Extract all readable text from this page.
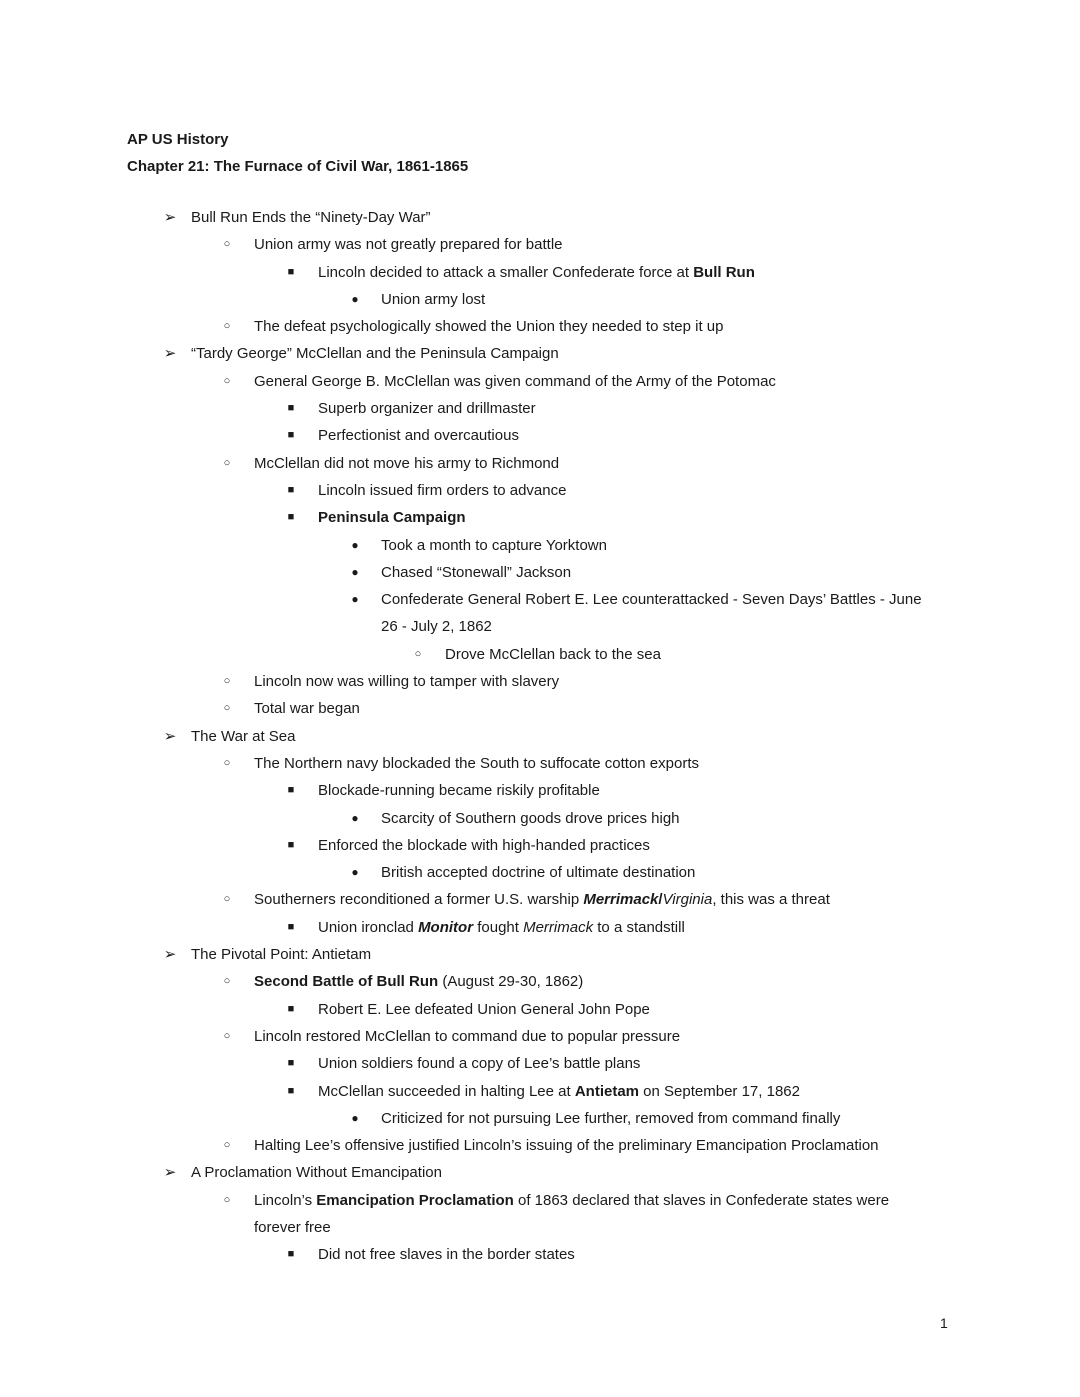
AP US History
Chapter 21: The Furnace of Civil War, 1861-1865
➢ Bull Run Ends the “Ninety-Day War”
○	Union army was not greatly prepared for battle
■	Lincoln decided to attack a smaller Confederate force at Bull Run
●	Union army lost
○	The defeat psychologically showed the Union they needed to step it up
➢ “Tardy George” McClellan and the Peninsula Campaign
○	General George B. McClellan was given command of the Army of the Potomac
■	Superb organizer and drillmaster
■	Perfectionist and overcautious
○	McClellan did not move his army to Richmond
■	Lincoln issued firm orders to advance
■	Peninsula Campaign
●	Took a month to capture Yorktown
●	Chased “Stonewall” Jackson
●	Confederate General Robert E. Lee counterattacked - Seven Days’ Battles - June 26 - July 2, 1862
○	Drove McClellan back to the sea
○	Lincoln now was willing to tamper with slavery
○	Total war began
➢ The War at Sea
○	The Northern navy blockaded the South to suffocate cotton exports
■	Blockade-running became riskily profitable
●	Scarcity of Southern goods drove prices high
■	Enforced the blockade with high-handed practices
●	British accepted doctrine of ultimate destination
○	Southerners reconditioned a former U.S. warship Merrimack/Virginia, this was a threat
■	Union ironclad Monitor fought Merrimack to a standstill
➢ The Pivotal Point: Antietam
○	Second Battle of Bull Run (August 29-30, 1862)
■	Robert E. Lee defeated Union General John Pope
○	Lincoln restored McClellan to command due to popular pressure
■	Union soldiers found a copy of Lee’s battle plans
■	McClellan succeeded in halting Lee at Antietam on September 17, 1862
●	Criticized for not pursuing Lee further, removed from command finally
○	Halting Lee’s offensive justified Lincoln’s issuing of the preliminary Emancipation Proclamation
➢ A Proclamation Without Emancipation
○	Lincoln’s Emancipation Proclamation of 1863 declared that slaves in Confederate states were forever free
■	Did not free slaves in the border states
1
